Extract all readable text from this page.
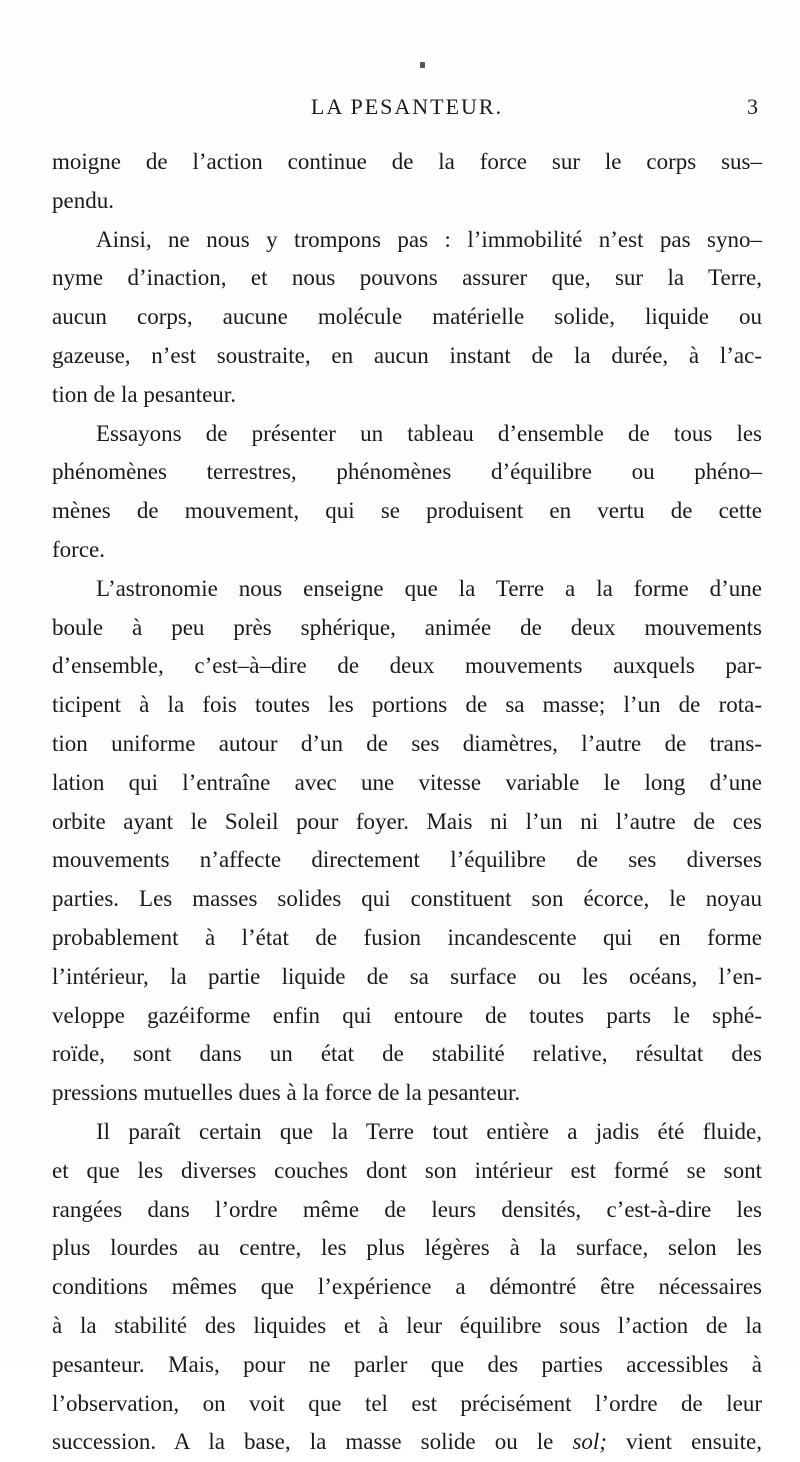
LA PESANTEUR.	3
moigne de l’action continue de la force sur le corps sus–
pendu.
Ainsi, ne nous y trompons pas : l’immobilité n’est pas syno–
nyme d’inaction, et nous pouvons assurer que, sur la Terre,
aucun corps, aucune molécule matérielle solide, liquide ou
gazeuse, n’est soustraite, en aucun instant de la durée, à l’ac-
tion de la pesanteur.
Essayons de présenter un tableau d’ensemble de tous les
phénomènes terrestres, phénomènes d’équilibre ou phéno–
mènes de mouvement, qui se produisent en vertu de cette
force.
L’astronomie nous enseigne que la Terre a la forme d’une
boule à peu près sphérique, animée de deux mouvements
d’ensemble, c’est–à–dire de deux mouvements auxquels par-
ticipent à la fois toutes les portions de sa masse; l’un de rota-
tion uniforme autour d’un de ses diamètres, l’autre de trans-
lation qui l’entraîne avec une vitesse variable le long d’une
orbite ayant le Soleil pour foyer. Mais ni l’un ni l’autre de ces
mouvements n’affecte directement l’équilibre de ses diverses
parties. Les masses solides qui constituent son écorce, le noyau
probablement à l’état de fusion incandescente qui en forme
l’intérieur, la partie liquide de sa surface ou les océans, l’en-
veloppe gazéiforme enfin qui entoure de toutes parts le sphé-
roïde, sont dans un état de stabilité relative, résultat des
pressions mutuelles dues à la force de la pesanteur.
Il paraît certain que la Terre tout entière a jadis été fluide,
et que les diverses couches dont son intérieur est formé se sont
rangées dans l’ordre même de leurs densités, c’est-à-dire les
plus lourdes au centre, les plus légères à la surface, selon les
conditions mêmes que l’expérience a démontré être nécessaires
à la stabilité des liquides et à leur équilibre sous l’action de la
pesanteur. Mais, pour ne parler que des parties accessibles à
l’observation, on voit que tel est précisément l’ordre de leur
succession. A la base, la masse solide ou le sol; vient ensuite,
